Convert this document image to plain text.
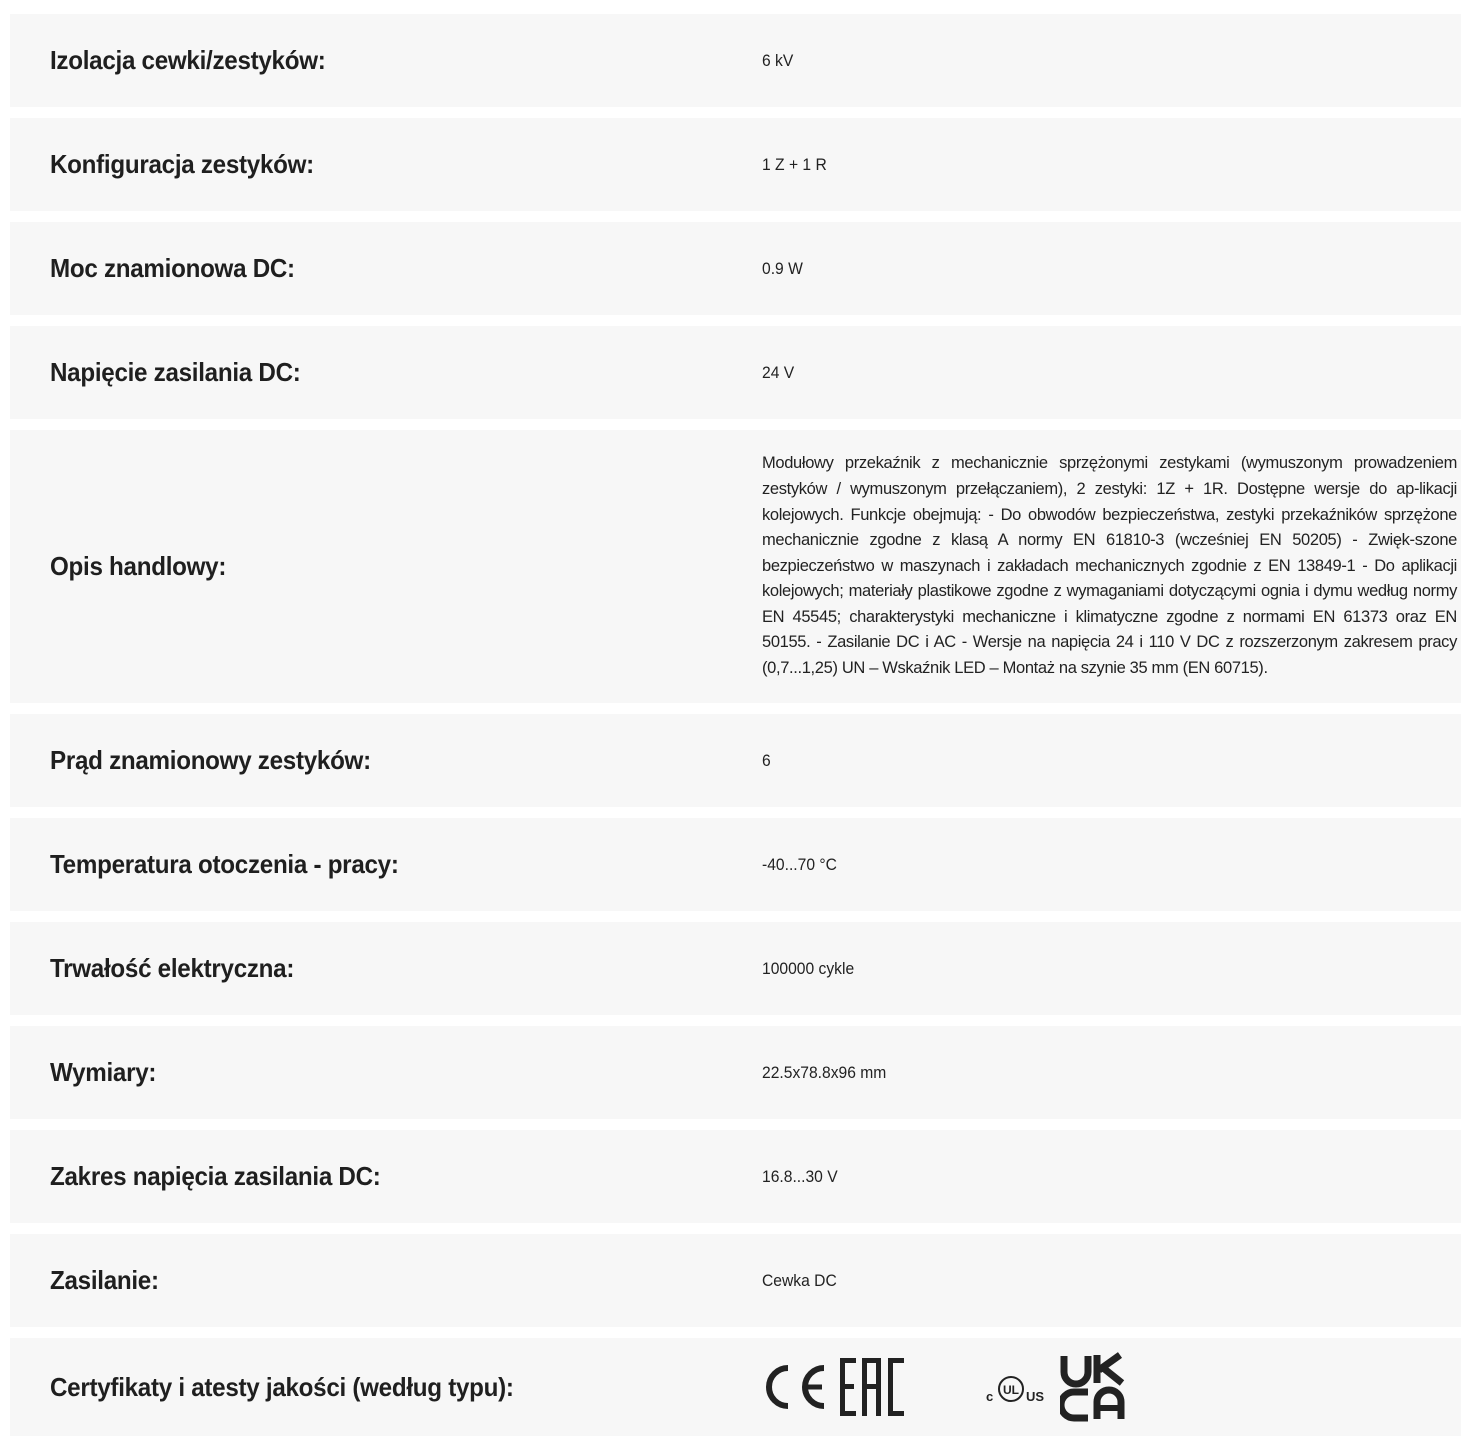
Izolacja cewki/zestyków:	6 kV
Konfiguracja zestyków:	1 Z + 1 R
Moc znamionowa DC:	0.9 W
Napięcie zasilania DC:	24 V
Opis handlowy:
Modułowy przekaźnik z mechanicznie sprzężonymi zestykami (wymuszonym prowadzeniem zestyków / wymuszonym przełączaniem), 2 zestyki: 1Z + 1R. Dostępne wersje do ap-likacji kolejowych. Funkcje obejmują: - Do obwodów bezpieczeństwa, zestyki przekaźników sprzężone mechanicznie zgodne z klasą A normy EN 61810-3 (wcześniej EN 50205) - Zwięk-szone bezpieczeństwo w maszynach i zakładach mechanicznych zgodnie z EN 13849-1 - Do aplikacji kolejowych; materiały plastikowe zgodne z wymaganiami dotyczącymi ognia i dymu według normy EN 45545; charakterystyki mechaniczne i klimatyczne zgodne z normami EN 61373 oraz EN 50155. - Zasilanie DC i AC - Wersje na napięcia 24 i 110 V DC z rozszerzonym zakresem pracy (0,7...1,25) UN – Wskaźnik LED – Montaż na szynie 35 mm (EN 60715).
Prąd znamionowy zestyków:	6
Temperatura otoczenia - pracy:	-40...70 °C
Trwałość elektryczna:	100000 cykle
Wymiary:	22.5x78.8x96 mm
Zakres napięcia zasilania DC:	16.8...30 V
Zasilanie:	Cewka DC
Certyfikaty i atesty jakości (według typu):	c UL US
